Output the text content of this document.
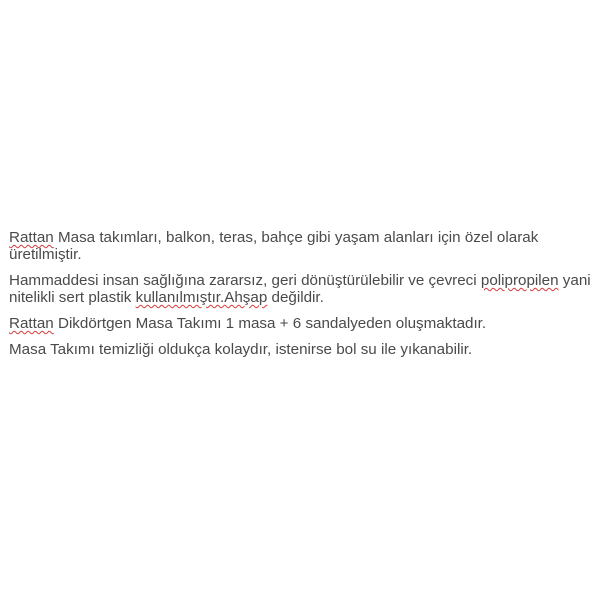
Rattan Masa takımları, balkon, teras, bahçe gibi yaşam alanları için özel olarak üretilmiştir.

Hammaddesi insan sağlığına zararsız, geri dönüştürülebilir ve çevreci polipropilen yani nitelikli sert plastik kullanılmıştır.Ahşap değildir.

Rattan Dikdörtgen Masa Takımı 1 masa + 6 sandalyeden oluşmaktadır.

Masa Takımı temizliği oldukça kolaydır, istenirse bol su ile yıkanabilir.
